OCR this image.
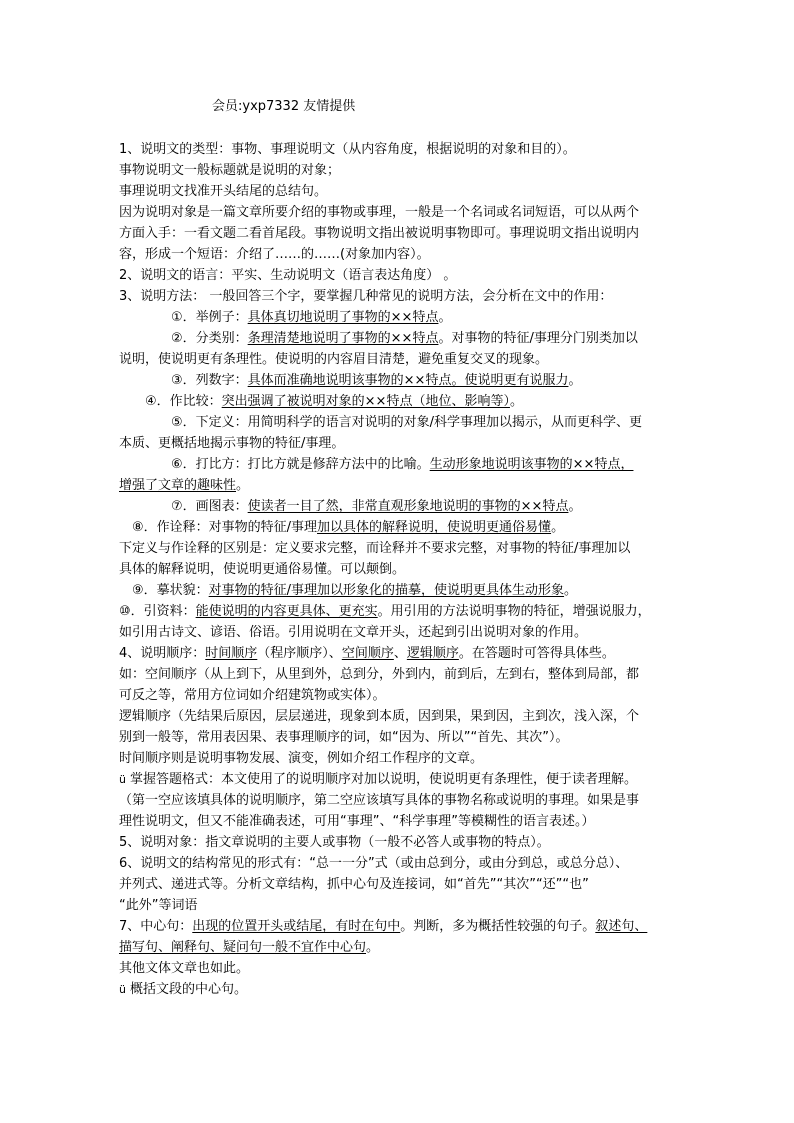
会员:yxp7332 友情提供
1、说明文的类型：事物、事理说明文（从内容角度，根据说明的对象和目的）。
事物说明文一般标题就是说明的对象；
事理说明文找准开头结尾的总结句。
因为说明对象是一篇文章所要介绍的事物或事理，一般是一个名词或名词短语，可以从两个
方面入手：一看文题二看首尾段。事物说明文指出被说明事物即可。事理说明文指出说明内
容，形成一个短语：介绍了……的……(对象加内容）。
2、说明文的语言：平实、生动说明文（语言表达角度） 。
3、说明方法： 一般回答三个字，要掌握几种常见的说明方法，会分析在文中的作用：
①．举例子：具体真切地说明了事物的××特点。
②．分类别：条理清楚地说明了事物的××特点。对事物的特征/事理分门别类加以
说明，使说明更有条理性。使说明的内容眉目清楚，避免重复交叉的现象。
③．列数字：具体而准确地说明该事物的××特点。使说明更有说服力。
④．作比较：突出强调了被说明对象的××特点（地位、影响等）。
⑤．下定义：用简明科学的语言对说明的对象/科学事理加以揭示，从而更科学、更
本质、更概括地揭示事物的特征/事理。
⑥．打比方：打比方就是修辞方法中的比喻。生动形象地说明该事物的××特点，
增强了文章的趣味性。
⑦．画图表：使读者一目了然，非常直观形象地说明的事物的××特点。
⑧．作诠释：对事物的特征/事理加以具体的解释说明，使说明更通俗易懂。
下定义与作诠释的区别是：定义要求完整，而诠释并不要求完整，对事物的特征/事理加以
具体的解释说明，使说明更通俗易懂。可以颠倒。
⑨．摹状貌：对事物的特征/事理加以形象化的描摹，使说明更具体生动形象。
⑩．引资料：能使说明的内容更具体、更充实。用引用的方法说明事物的特征，增强说服力，
如引用古诗文、谚语、俗语。引用说明在文章开头，还起到引出说明对象的作用。
4、说明顺序：时间顺序（程序顺序）、空间顺序、逻辑顺序。在答题时可答得具体些。
如：空间顺序（从上到下，从里到外，总到分，外到内，前到后，左到右，整体到局部，都
可反之等，常用方位词如介绍建筑物或实体）。
逻辑顺序（先结果后原因，层层递进，现象到本质，因到果，果到因，主到次，浅入深，个
别到一般等，常用表因果、表事理顺序的词，如“因为、所以”“首先、其次”）。
时间顺序则是说明事物发展、演变，例如介绍工作程序的文章。
ü 掌握答题格式：本文使用了的说明顺序对加以说明，使说明更有条理性，便于读者理解。
（第一空应该填具体的说明顺序，第二空应该填写具体的事物名称或说明的事理。如果是事
理性说明文，但又不能准确表述，可用“事理”、“科学事理”等模糊性的语言表述。）
5、说明对象：指文章说明的主要人或事物（一般不必答人或事物的特点）。
6、说明文的结构常见的形式有：“总一一分”式（或由总到分，或由分到总，或总分总）、
并列式、递进式等。分析文章结构，抓中心句及连接词，如“首先”“其次”“还”“也”
“此外”等词语
7、中心句：出现的位置开头或结尾，有时在句中。判断，多为概括性较强的句子。叙述句、
描写句、阐释句、疑问句一般不宜作中心句。
其他文体文章也如此。
ü 概括文段的中心句。
